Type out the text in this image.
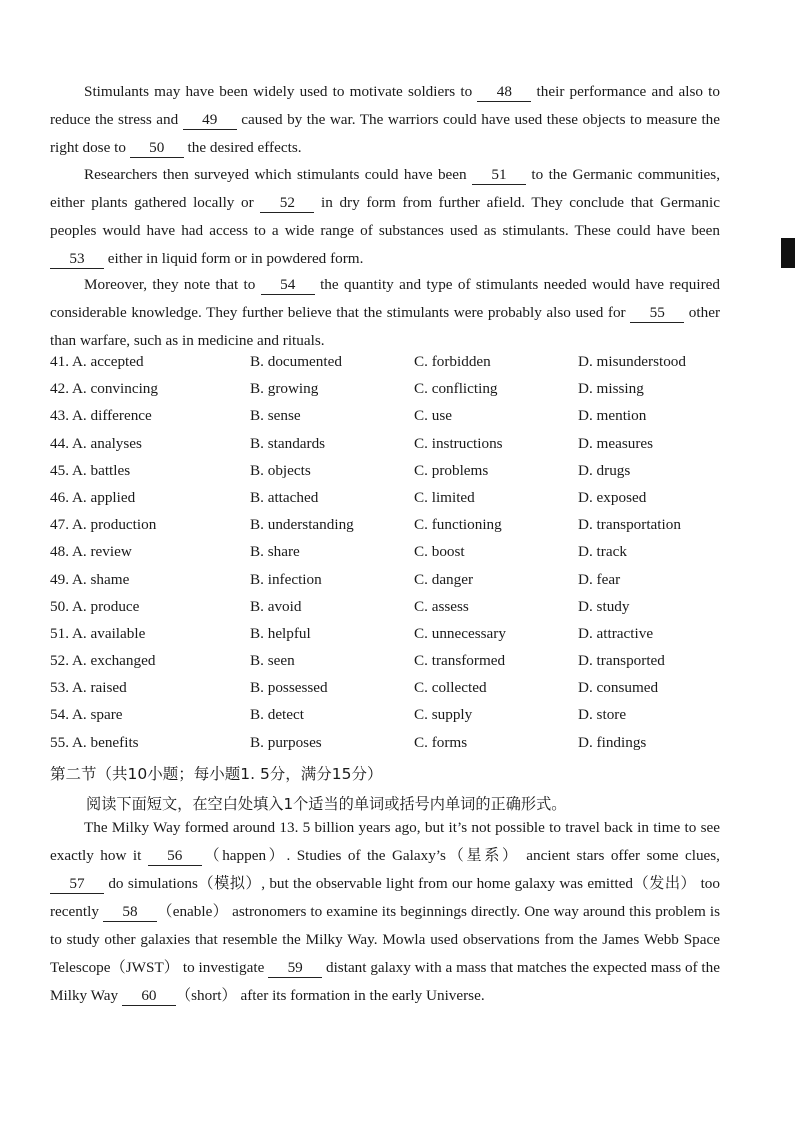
Stimulants may have been widely used to motivate soldiers to 48 their performance and also to reduce the stress and 49 caused by the war. The warriors could have used these objects to measure the right dose to 50 the desired effects.

Researchers then surveyed which stimulants could have been 51 to the Germanic communities, either plants gathered locally or 52 in dry form from further afield. They conclude that Germanic peoples would have had access to a wide range of substances used as stimulants. These could have been 53 either in liquid form or in powdered form.

Moreover, they note that to 54 the quantity and type of stimulants needed would have required considerable knowledge. They further believe that the stimulants were probably also used for 55 other than warfare, such as in medicine and rituals.

41. A. accepted	B. documented	C. forbidden	D. misunderstood
42. A. convincing	B. growing	C. conflicting	D. missing
43. A. difference	B. sense	C. use	D. mention
44. A. analyses	B. standards	C. instructions	D. measures
45. A. battles	B. objects	C. problems	D. drugs
46. A. applied	B. attached	C. limited	D. exposed
47. A. production	B. understanding	C. functioning	D. transportation
48. A. review	B. share	C. boost	D. track
49. A. shame	B. infection	C. danger	D. fear
50. A. produce	B. avoid	C. assess	D. study
51. A. available	B. helpful	C. unnecessary	D. attractive
52. A. exchanged	B. seen	C. transformed	D. transported
53. A. raised	B. possessed	C. collected	D. consumed
54. A. spare	B. detect	C. supply	D. store
55. A. benefits	B. purposes	C. forms	D. findings
第二节（共10小题；每小题1. 5分，满分15分）
阅读下面短文，在空白处填入1个适当的单词或括号内单词的正确形式。

The Milky Way formed around 13. 5 billion years ago, but it’s not possible to travel back in time to see exactly how it 56 （happen）. Studies of the Galaxy’s（星系） ancient stars offer some clues, 57 do simulations（模拟）, but the observable light from our home galaxy was emitted（发出） too recently 58 （enable） astronomers to examine its beginnings directly. One way around this problem is to study other galaxies that resemble the Milky Way. Mowla used observations from the James Webb Space Telescope（JWST） to investigate 59 distant galaxy with a mass that matches the expected mass of the Milky Way 60 （short） after its formation in the early Universe.
